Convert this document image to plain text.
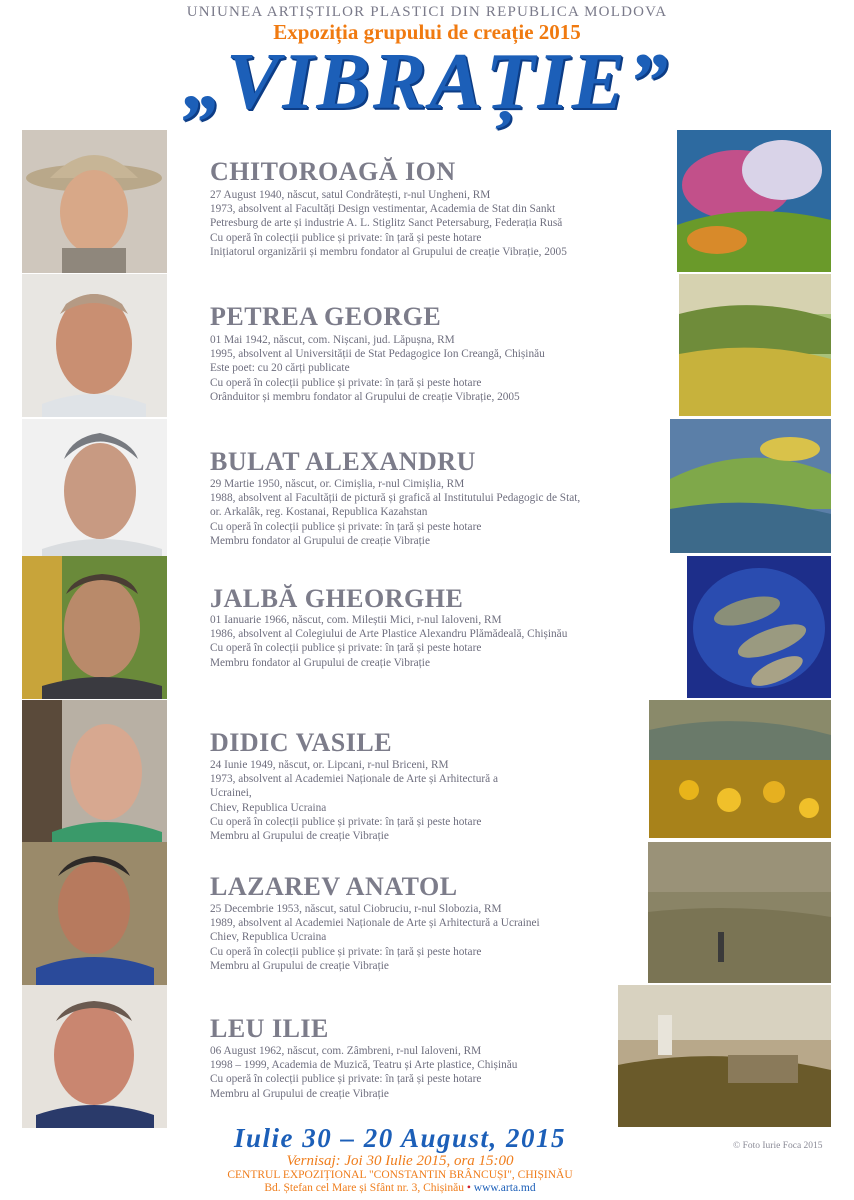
UNIUNEA ARTIȘTILOR PLASTICI DIN REPUBLICA MOLDOVA
Expoziția grupului de creație 2015
„VIBRAȚIE”
CHITOROAGĂ ION
27 August 1940, născut, satul Condrătești, r-nul Ungheni, RM
1973, absolvent al Facultăți Design vestimentar, Academia de Stat din Sankt
Petresburg de arte și industrie A. L. Stiglitz Sanct Petersaburg, Federația Rusă
Cu operă în colecții publice și private: în țară și peste hotare
Inițiatorul organizării și membru fondator al Grupului de creație Vibrație, 2005
PETREA GEORGE
01 Mai 1942, născut, com. Nișcani, jud. Lăpușna, RM
1995, absolvent al Universității de Stat Pedagogice Ion Creangă, Chișinău
Este poet: cu 20 cărți publicate
Cu operă în colecții publice și private: în țară și peste hotare
Orânduitor și membru fondator al Grupului de creație Vibrație, 2005
BULAT ALEXANDRU
29 Martie 1950, născut, or. Cimișlia, r-nul Cimișlia, RM
1988, absolvent al Facultății de pictură și grafică al Institutului Pedagogic de Stat,
or. Arkalâk, reg. Kostanai, Republica Kazahstan
Cu operă în colecții publice și private: în țară și peste hotare
Membru fondator al Grupului de creație Vibrație
JALBĂ GHEORGHE
01 Ianuarie 1966, născut, com. Mileștii Mici, r-nul Ialoveni, RM
1986, absolvent al Colegiului de Arte Plastice Alexandru Plămădeală, Chișinău
Cu operă în colecții publice și private: în țară și peste hotare
Membru fondator al Grupului de creație Vibrație
DIDIC VASILE
24 Iunie 1949, născut, or. Lipcani, r-nul Briceni, RM
1973, absolvent al Academiei Naționale de Arte și Arhitectură a
Ucrainei,
Chiev, Republica Ucraina
Cu operă în colecții publice și private: în țară și peste hotare
Membru al Grupului de creație Vibrație
LAZAREV ANATOL
25 Decembrie 1953, născut, satul Ciobruciu, r-nul Slobozia, RM
1989, absolvent al Academiei Naționale de Arte și Arhitectură a Ucrainei
Chiev, Republica Ucraina
Cu operă în colecții publice și private: în țară și peste hotare
Membru al Grupului de creație Vibrație
LEU ILIE
06 August 1962, născut, com. Zâmbreni, r-nul Ialoveni, RM
1998 – 1999, Academia de Muzică, Teatru și Arte plastice, Chișinău
Cu operă în colecții publice și private: în țară și peste hotare
Membru al Grupului de creație Vibrație
Iulie 30 – 20 August, 2015
Vernisaj: Joi 30 Iulie 2015, ora 15:00
CENTRUL EXPOZIȚIONAL "CONSTANTIN BRÂNCUȘI", CHIȘINĂU
Bd. Ștefan cel Mare și Sfânt nr. 3, Chișinău • www.arta.md
© Foto Iurie Foca 2015
